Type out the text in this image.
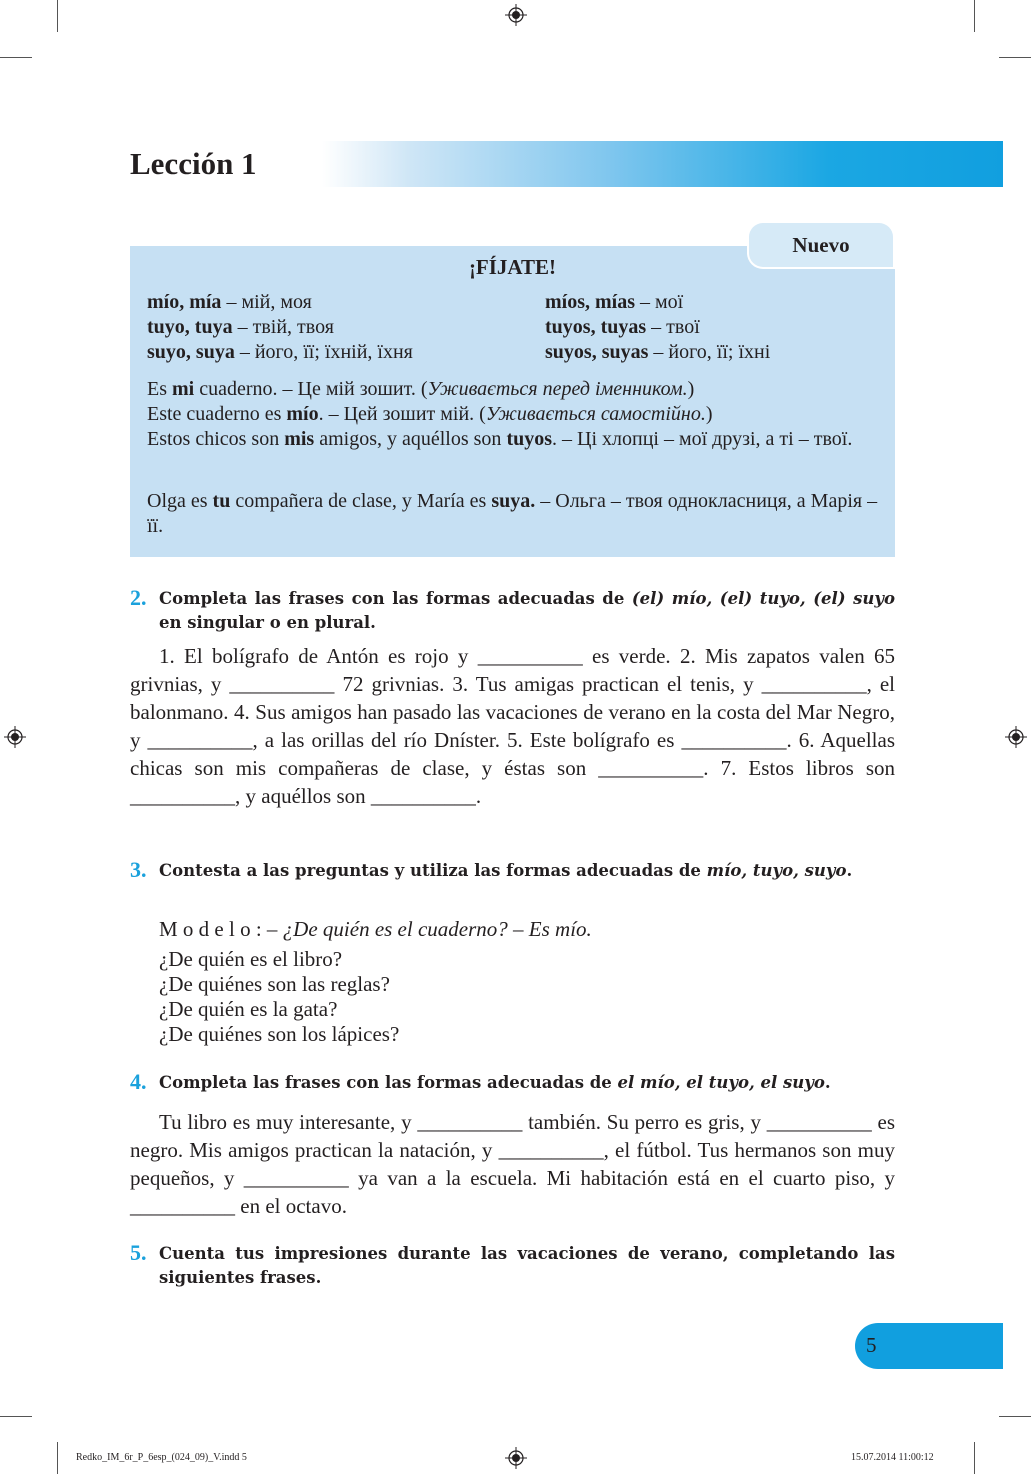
Lección 1
Nuevo
¡FÍJATE!
mío, mía – мій, моя
tuyo, tuya – твій, твоя
suyo, suya – його, її; їхній, їхня
míos, mías – мої
tuyos, tuyas – твої
suyos, suyas – його, її; їхні
Es mi cuaderno. – Це мій зошит. (Уживається перед іменником.)
Este cuaderno es mío. – Цей зошит мій. (Уживається самостійно.)
Estos chicos son mis amigos, y aquéllos son tuyos. – Ці хлопці – мої друзі, а ті – твої.
Olga es tu compañera de clase, y María es suya. – Ольга – твоя однокласниця, а Марія – її.
2. Completa las frases con las formas adecuadas de (el) mío, (el) tuyo, (el) suyo en singular o en plural.
1. El bolígrafo de Antón es rojo y __________ es verde. 2. Mis zapatos valen 65 grivnias, y __________ 72 grivnias. 3. Tus amigas practican el tenis, y __________, el balonmano. 4. Sus amigos han pasado las vacaciones de verano en la costa del Mar Negro, y __________, a las orillas del río Dníster. 5. Este bolígrafo es __________. 6. Aquellas chicas son mis compañeras de clase, y éstas son __________. 7. Estos libros son __________, y aquéllos son __________.
3. Contesta a las preguntas y utiliza las formas adecuadas de mío, tuyo, suyo.
M o d e l o : – ¿De quién es el cuaderno? – Es mío.
¿De quién es el libro?
¿De quiénes son las reglas?
¿De quién es la gata?
¿De quiénes son los lápices?
4. Completa las frases con las formas adecuadas de el mío, el tuyo, el suyo.
Tu libro es muy interesante, y __________ también. Su perro es gris, y __________ es negro. Mis amigos practican la natación, y __________, el fútbol. Tus hermanos son muy pequeños, y __________ ya van a la escuela. Mi habitación está en el cuarto piso, y __________ en el octavo.
5. Cuenta tus impresiones durante las vacaciones de verano, completando las siguientes frases.
5
Redko_IM_6r_P_6esp_(024_09)_V.indd 5	15.07.2014 11:00:12
